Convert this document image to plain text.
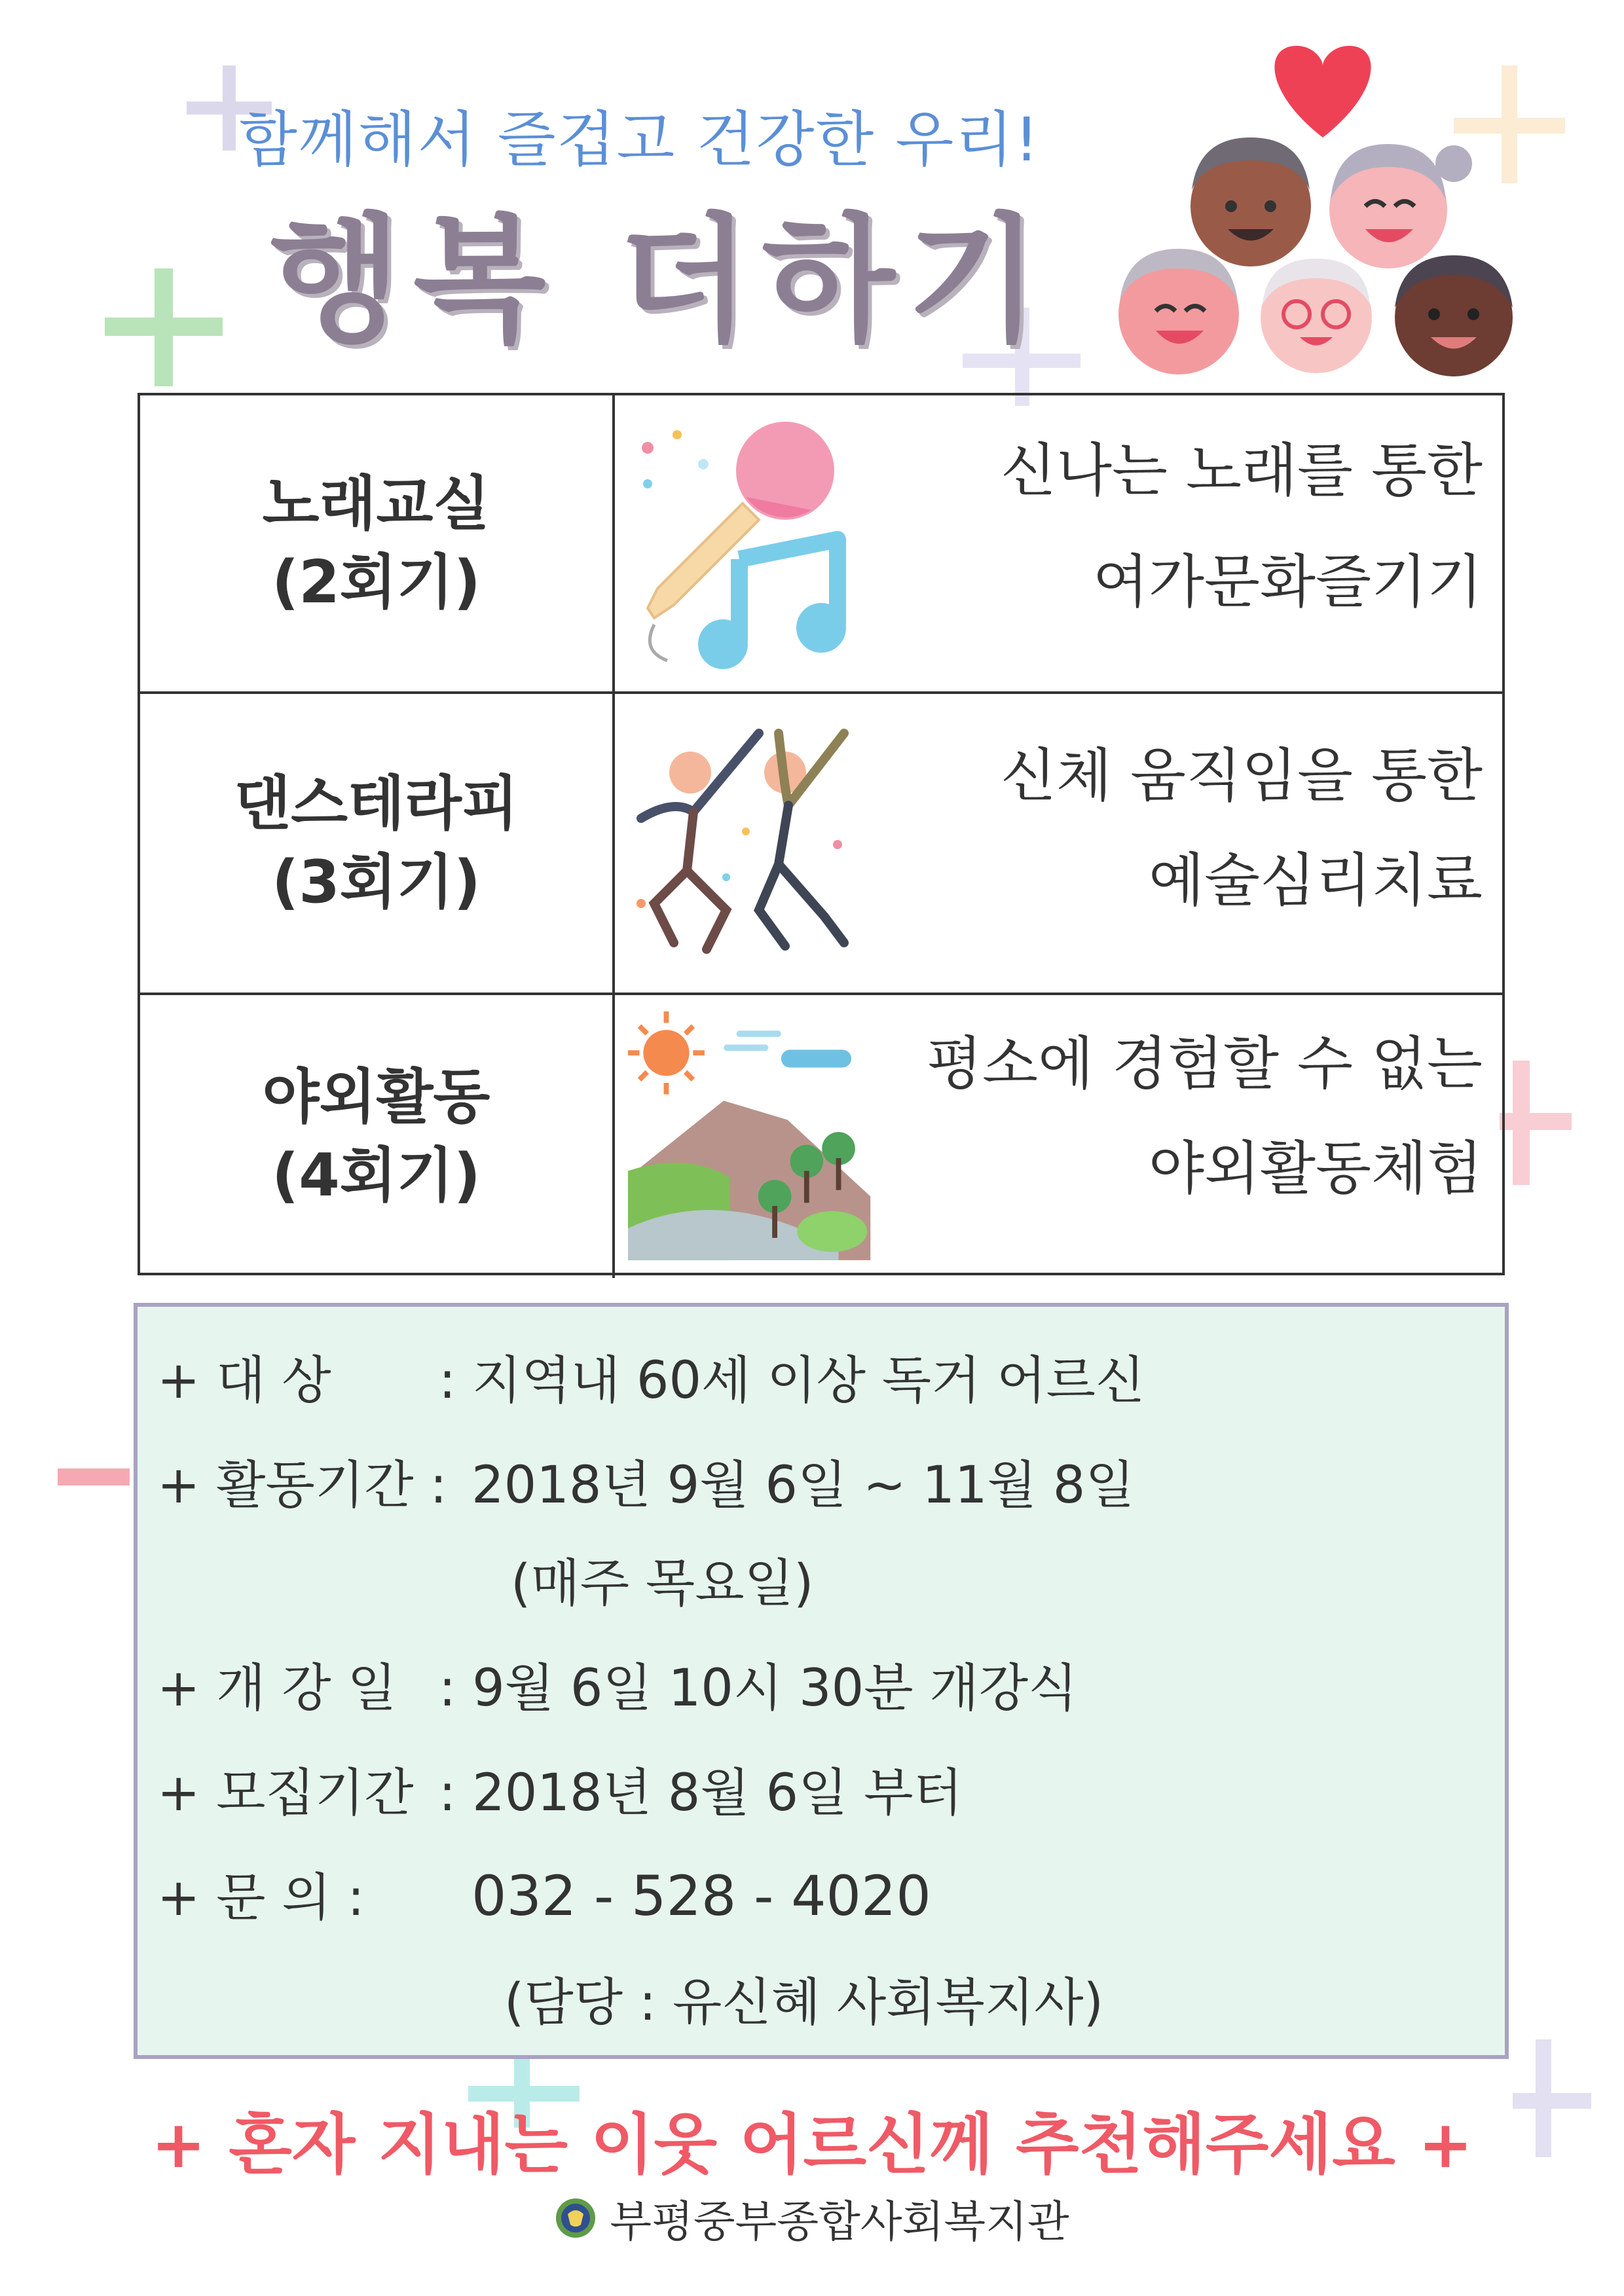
함께해서 즐겁고 건강한 우리!
행복 더하기
노래교실
(2회기)
신나는 노래를 통한
여가문화즐기기
댄스테라피
(3회기)
신체 움직임을 통한
예술심리치료
야외활동
(4회기)
평소에 경험할 수 없는
야외활동체험
+ 대 상 : 지역내 60세 이상 독거 어르신
+ 활동기간 : 2018년 9월 6일 ~ 11월 8일
(매주 목요일)
+ 개 강 일 : 9월 6일 10시 30분 개강식
+ 모집기간 : 2018년 8월 6일 부터
+ 문 의 : 032 - 528 - 4020
(담당 : 유신혜 사회복지사)
+ 혼자 지내는 이웃 어르신께 추천해주세요 +
부평중부종합사회복지관
